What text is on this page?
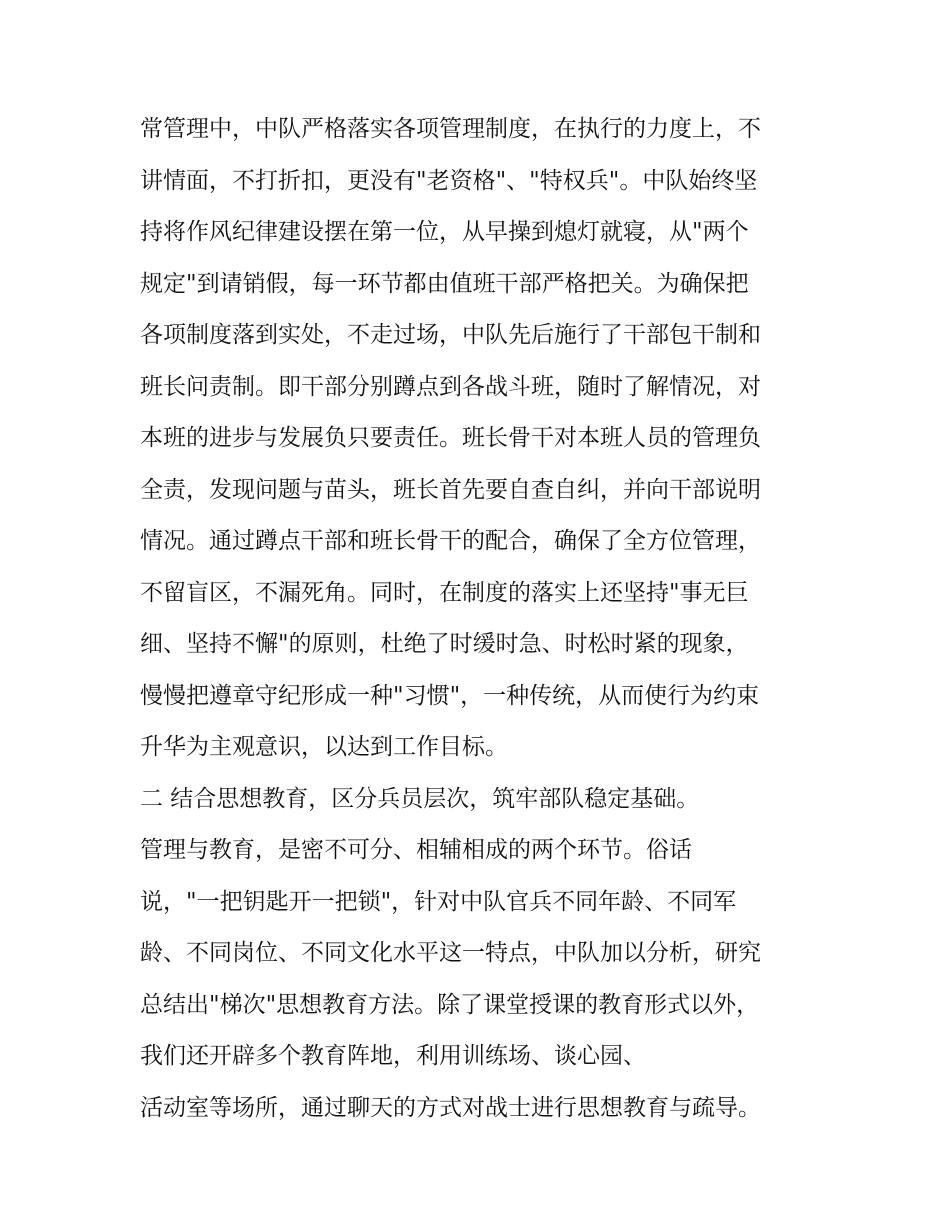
常管理中，中队严格落实各项管理制度，在执行的力度上，不
讲情面，不打折扣，更没有"老资格"、"特权兵"。中队始终坚
持将作风纪律建设摆在第一位，从早操到熄灯就寝，从"两个
规定"到请销假，每一环节都由值班干部严格把关。为确保把
各项制度落到实处，不走过场，中队先后施行了干部包干制和
班长问责制。即干部分别蹲点到各战斗班，随时了解情况，对
本班的进步与发展负只要责任。班长骨干对本班人员的管理负
全责，发现问题与苗头，班长首先要自查自纠，并向干部说明
情况。通过蹲点干部和班长骨干的配合，确保了全方位管理，
不留盲区，不漏死角。同时，在制度的落实上还坚持"事无巨
细、坚持不懈"的原则，杜绝了时缓时急、时松时紧的现象，
慢慢把遵章守纪形成一种"习惯"，一种传统，从而使行为约束
升华为主观意识，以达到工作目标。
二 结合思想教育，区分兵员层次，筑牢部队稳定基础。
管理与教育，是密不可分、相辅相成的两个环节。俗话
说，"一把钥匙开一把锁"，针对中队官兵不同年龄、不同军
龄、不同岗位、不同文化水平这一特点，中队加以分析，研究
总结出"梯次"思想教育方法。除了课堂授课的教育形式以外，
我们还开辟多个教育阵地，利用训练场、谈心园、
活动室等场所，通过聊天的方式对战士进行思想教育与疏导。
